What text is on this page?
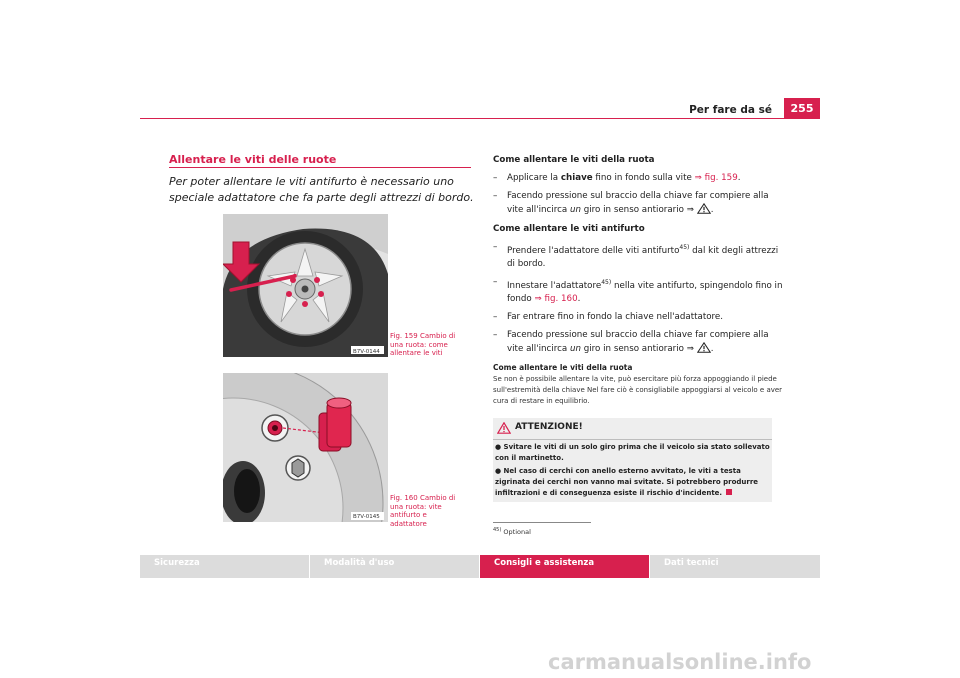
Per fare da sé	255
Allentare le viti delle ruote
Per poter allentare le viti antifurto è necessario uno speciale adattatore che fa parte degli attrezzi di bordo.
B7V-0144
Fig. 159 Cambio di una ruota: come allentare le viti
B7V-0145
Fig. 160 Cambio di una ruota: vite antifurto e adattatore
Come allentare le viti della ruota
– Applicare la chiave fino in fondo sulla vite ⇒ fig. 159.
– Facendo pressione sul braccio della chiave far compiere alla vite all'incirca un giro in senso antiorario ⇒ .
Come allentare le viti antifurto
– Prendere l'adattatore delle viti antifurto$^{45)}$ dal kit degli attrezzi di bordo.
– Innestare l'adattatore$^{45)}$ nella vite antifurto, spingendolo fino in fondo ⇒ fig. 160.
– Far entrare fino in fondo la chiave nell'adattatore.
– Facendo pressione sul braccio della chiave far compiere alla vite all'incirca un giro in senso antiorario ⇒ .
Come allentare le viti della ruota
Se non è possibile allentare la vite, può esercitare più forza appoggiando il piede sull'estremità della chiave Nel fare ciò è consigliabile appoggiarsi al veicolo e aver cura di restare in equilibrio.
ATTENZIONE!
● Svitare le viti di un solo giro prima che il veicolo sia stato sollevato con il martinetto.
● Nel caso di cerchi con anello esterno avvitato, le viti a testa zigrinata dei cerchi non vanno mai svitate. Si potrebbero produrre infiltrazioni e di conseguenza esiste il rischio d'incidente.
$^{45)}$ Optional
Sicurezza	Modalità d'uso	Consigli e assistenza	Dati tecnici
carmanualsonline.info
